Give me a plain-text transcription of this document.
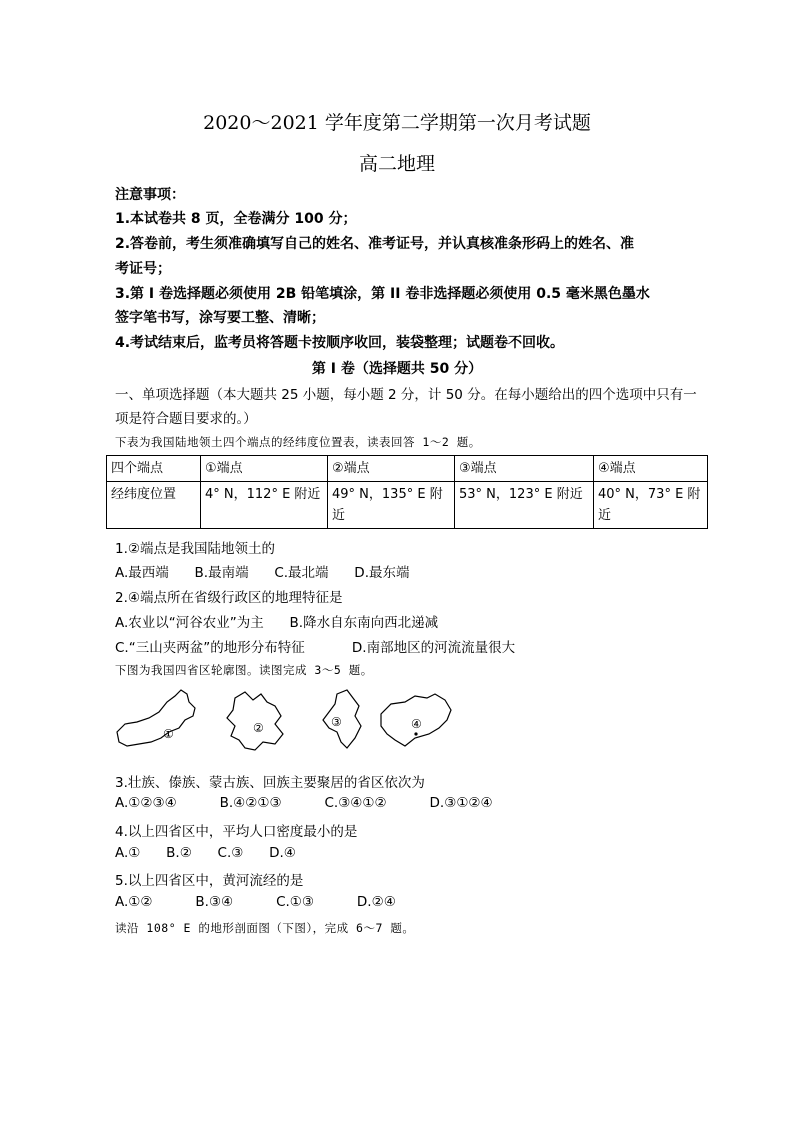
2020～2021 学年度第二学期第一次月考试题
高二地理
注意事项：
1.本试卷共 8 页，全卷满分 100 分；
2.答卷前，考生须准确填写自己的姓名、准考证号，并认真核准条形码上的姓名、准
考证号；
3.第 I 卷选择题必须使用 2B 铅笔填涂，第 II 卷非选择题必须使用 0.5 毫米黑色墨水
签字笔书写，涂写要工整、清晰；
4.考试结束后，监考员将答题卡按顺序收回，装袋整理；试题卷不回收。
第 I 卷（选择题共 50 分）
一、单项选择题（本大题共 25 小题，每小题 2 分，计 50 分。在每小题给出的四个选项中只有一
项是符合题目要求的。）
下表为我国陆地领土四个端点的经纬度位置表，读表回答 1～2 题。
四个端点	①端点	②端点	③端点	④端点
经纬度位置	4° N，112° E 附近	49° N，135° E 附近	53° N，123° E 附近	40° N，73° E 附近
1.②端点是我国陆地领土的
A.最西端      B.最南端      C.最北端      D.最东端
2.④端点所在省级行政区的地理特征是
A.农业以“河谷农业”为主      B.降水自东南向西北递减
C.“三山夹两盆”的地形分布特征           D.南部地区的河流流量很大
下图为我国四省区轮廓图。读图完成 3～5 题。
①	②	③	④
3.壮族、傣族、蒙古族、回族主要聚居的省区依次为
A.①②③④          B.④②①③          C.③④①②          D.③①②④
4.以上四省区中，平均人口密度最小的是
A.①      B.②      C.③      D.④
5.以上四省区中，黄河流经的是
A.①②          B.③④          C.①③          D.②④
读沿 108° E 的地形剖面图（下图），完成 6～7 题。
